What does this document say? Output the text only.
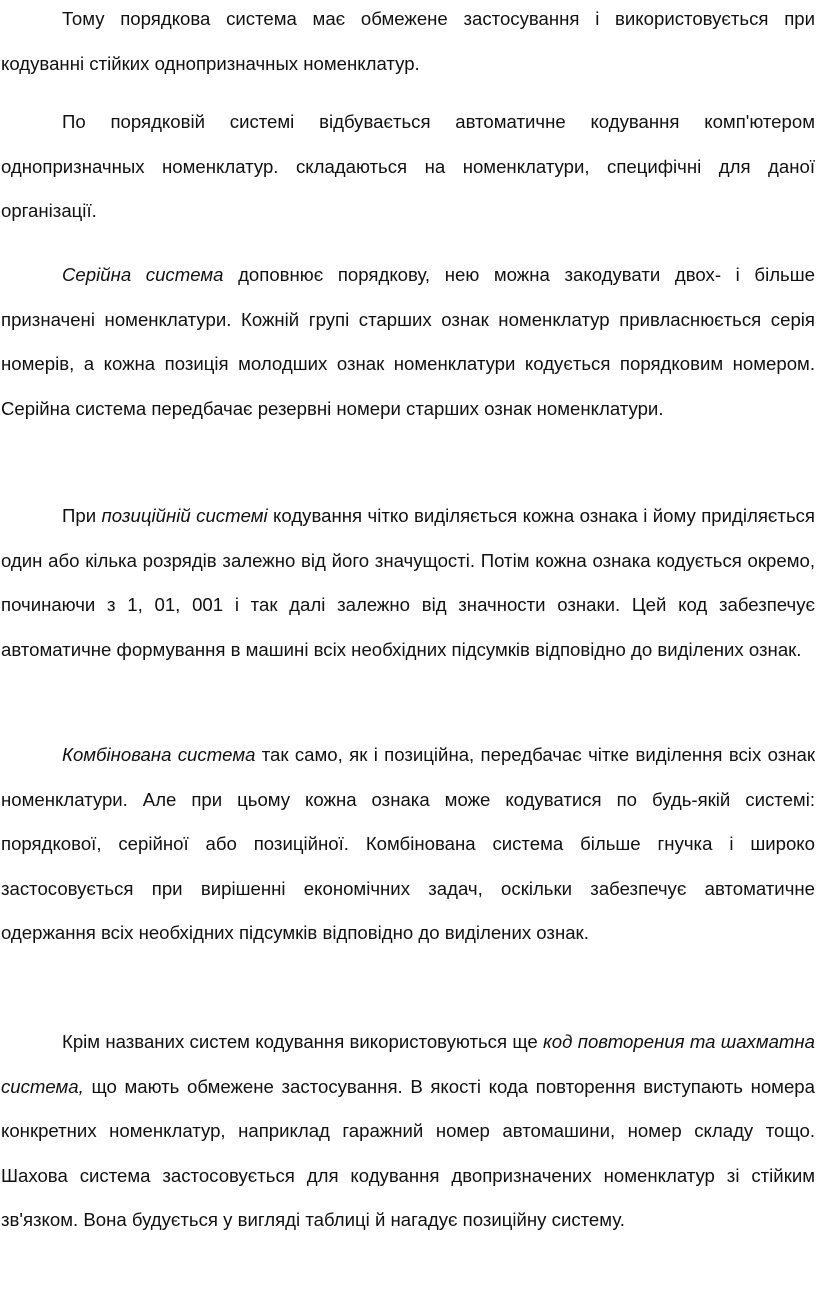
Тому порядкова система має обмежене застосування і використовується при кодуванні стійких однопризначных номенклатур.

По порядковій системі відбувається автоматичне кодування комп'ютером однопризначных номенклатур. складаються на номенклатури, специфічні для даної організації.

Серійна система доповнює порядкову, нею можна закодувати двох- і більше призначені номенклатури. Кожній групі старших ознак номенклатур привласнюється серія номерів, а кожна позиція молодших ознак номенклатури кодується порядковим номером. Серійна система передбачає резервні номери старших ознак номенклатури.

При позиційній системі кодування чітко виділяється кожна ознака і йому приділяється один або кілька розрядів залежно від його значущості. Потім кожна ознака кодується окремо, починаючи з 1, 01, 001 і так далі залежно від значности ознаки. Цей код забезпечує автоматичне формування в машині всіх необхідних підсумків відповідно до виділених ознак.

Комбінована система так само, як і позиційна, передбачає чітке виділення всіх ознак номенклатури. Але при цьому кожна ознака може кодуватися по будь-якій системі: порядкової, серійної або позиційної. Комбінована система більше гнучка і широко застосовується при вирішенні економічних задач, оскільки забезпечує автоматичне одержання всіх необхідних підсумків відповідно до виділених ознак.

Крім названих систем кодування використовуються ще код повторения та шахматна система, що мають обмежене застосування. В якості кода повторення виступають номера конкретних номенклатур, наприклад гаражний номер автомашини, номер складу тощо. Шахова система застосовується для кодування двопризначених номенклатур зі стійким зв'язком. Вона будується у вигляді таблиці й нагадує позиційну систему.
